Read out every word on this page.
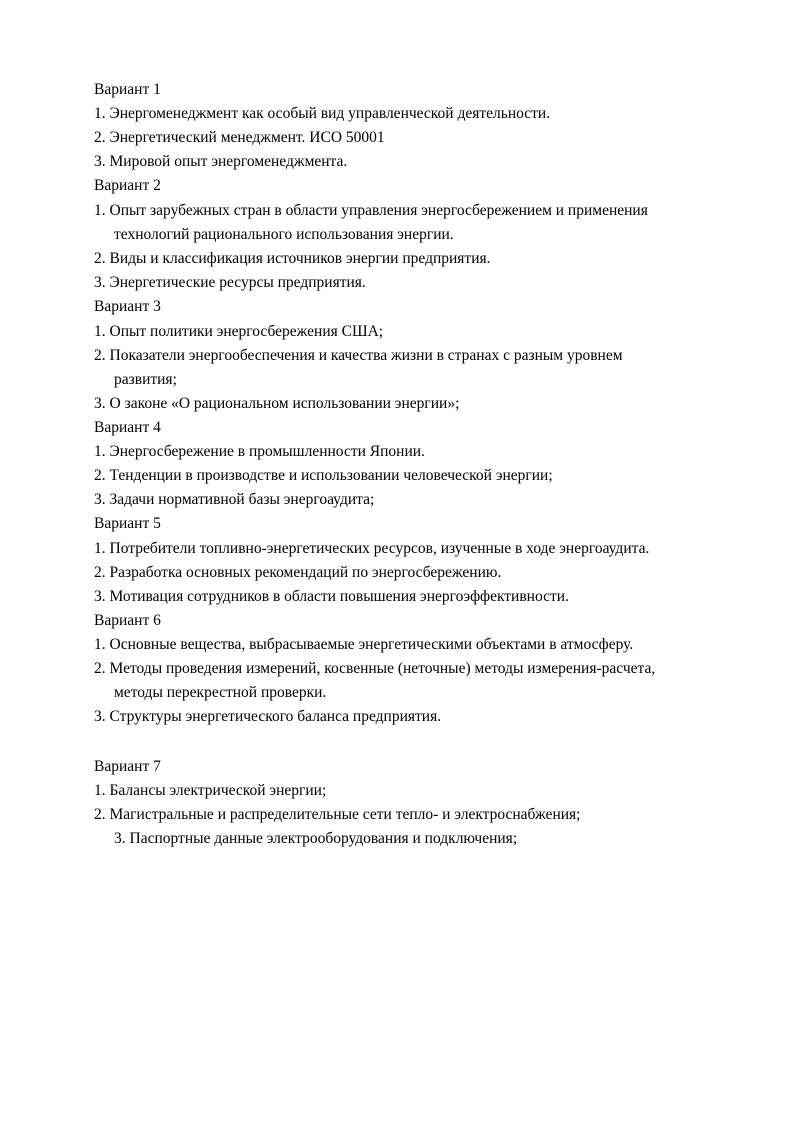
Вариант 1
1. Энергоменеджмент как особый вид управленческой деятельности.
2. Энергетический менеджмент. ИСО 50001
3. Мировой опыт энергоменеджмента.
Вариант 2
1. Опыт зарубежных стран в области управления энергосбережением и применения
технологий рационального использования энергии.
2. Виды и классификация источников энергии предприятия.
3. Энергетические ресурсы предприятия.
Вариант 3
1. Опыт политики энергосбережения США;
2. Показатели энергообеспечения и качества жизни в странах с разным уровнем
развития;
3. О законе «О рациональном использовании энергии»;
Вариант 4
1. Энергосбережение в промышленности Японии.
2. Тенденции в производстве и использовании человеческой энергии;
3. Задачи нормативной базы энергоаудита;
Вариант 5
1. Потребители топливно-энергетических ресурсов, изученные в ходе энергоаудита.
2. Разработка основных рекомендаций по энергосбережению.
3. Мотивация сотрудников в области повышения энергоэффективности.
Вариант 6
1. Основные вещества, выбрасываемые энергетическими объектами в атмосферу.
2. Методы проведения измерений, косвенные (неточные) методы измерения-расчета,
методы перекрестной проверки.
3. Структуры энергетического баланса предприятия.
Вариант 7
1. Балансы электрической энергии;
2. Магистральные и распределительные сети тепло- и электроснабжения;
3. Паспортные данные электрооборудования и подключения;
